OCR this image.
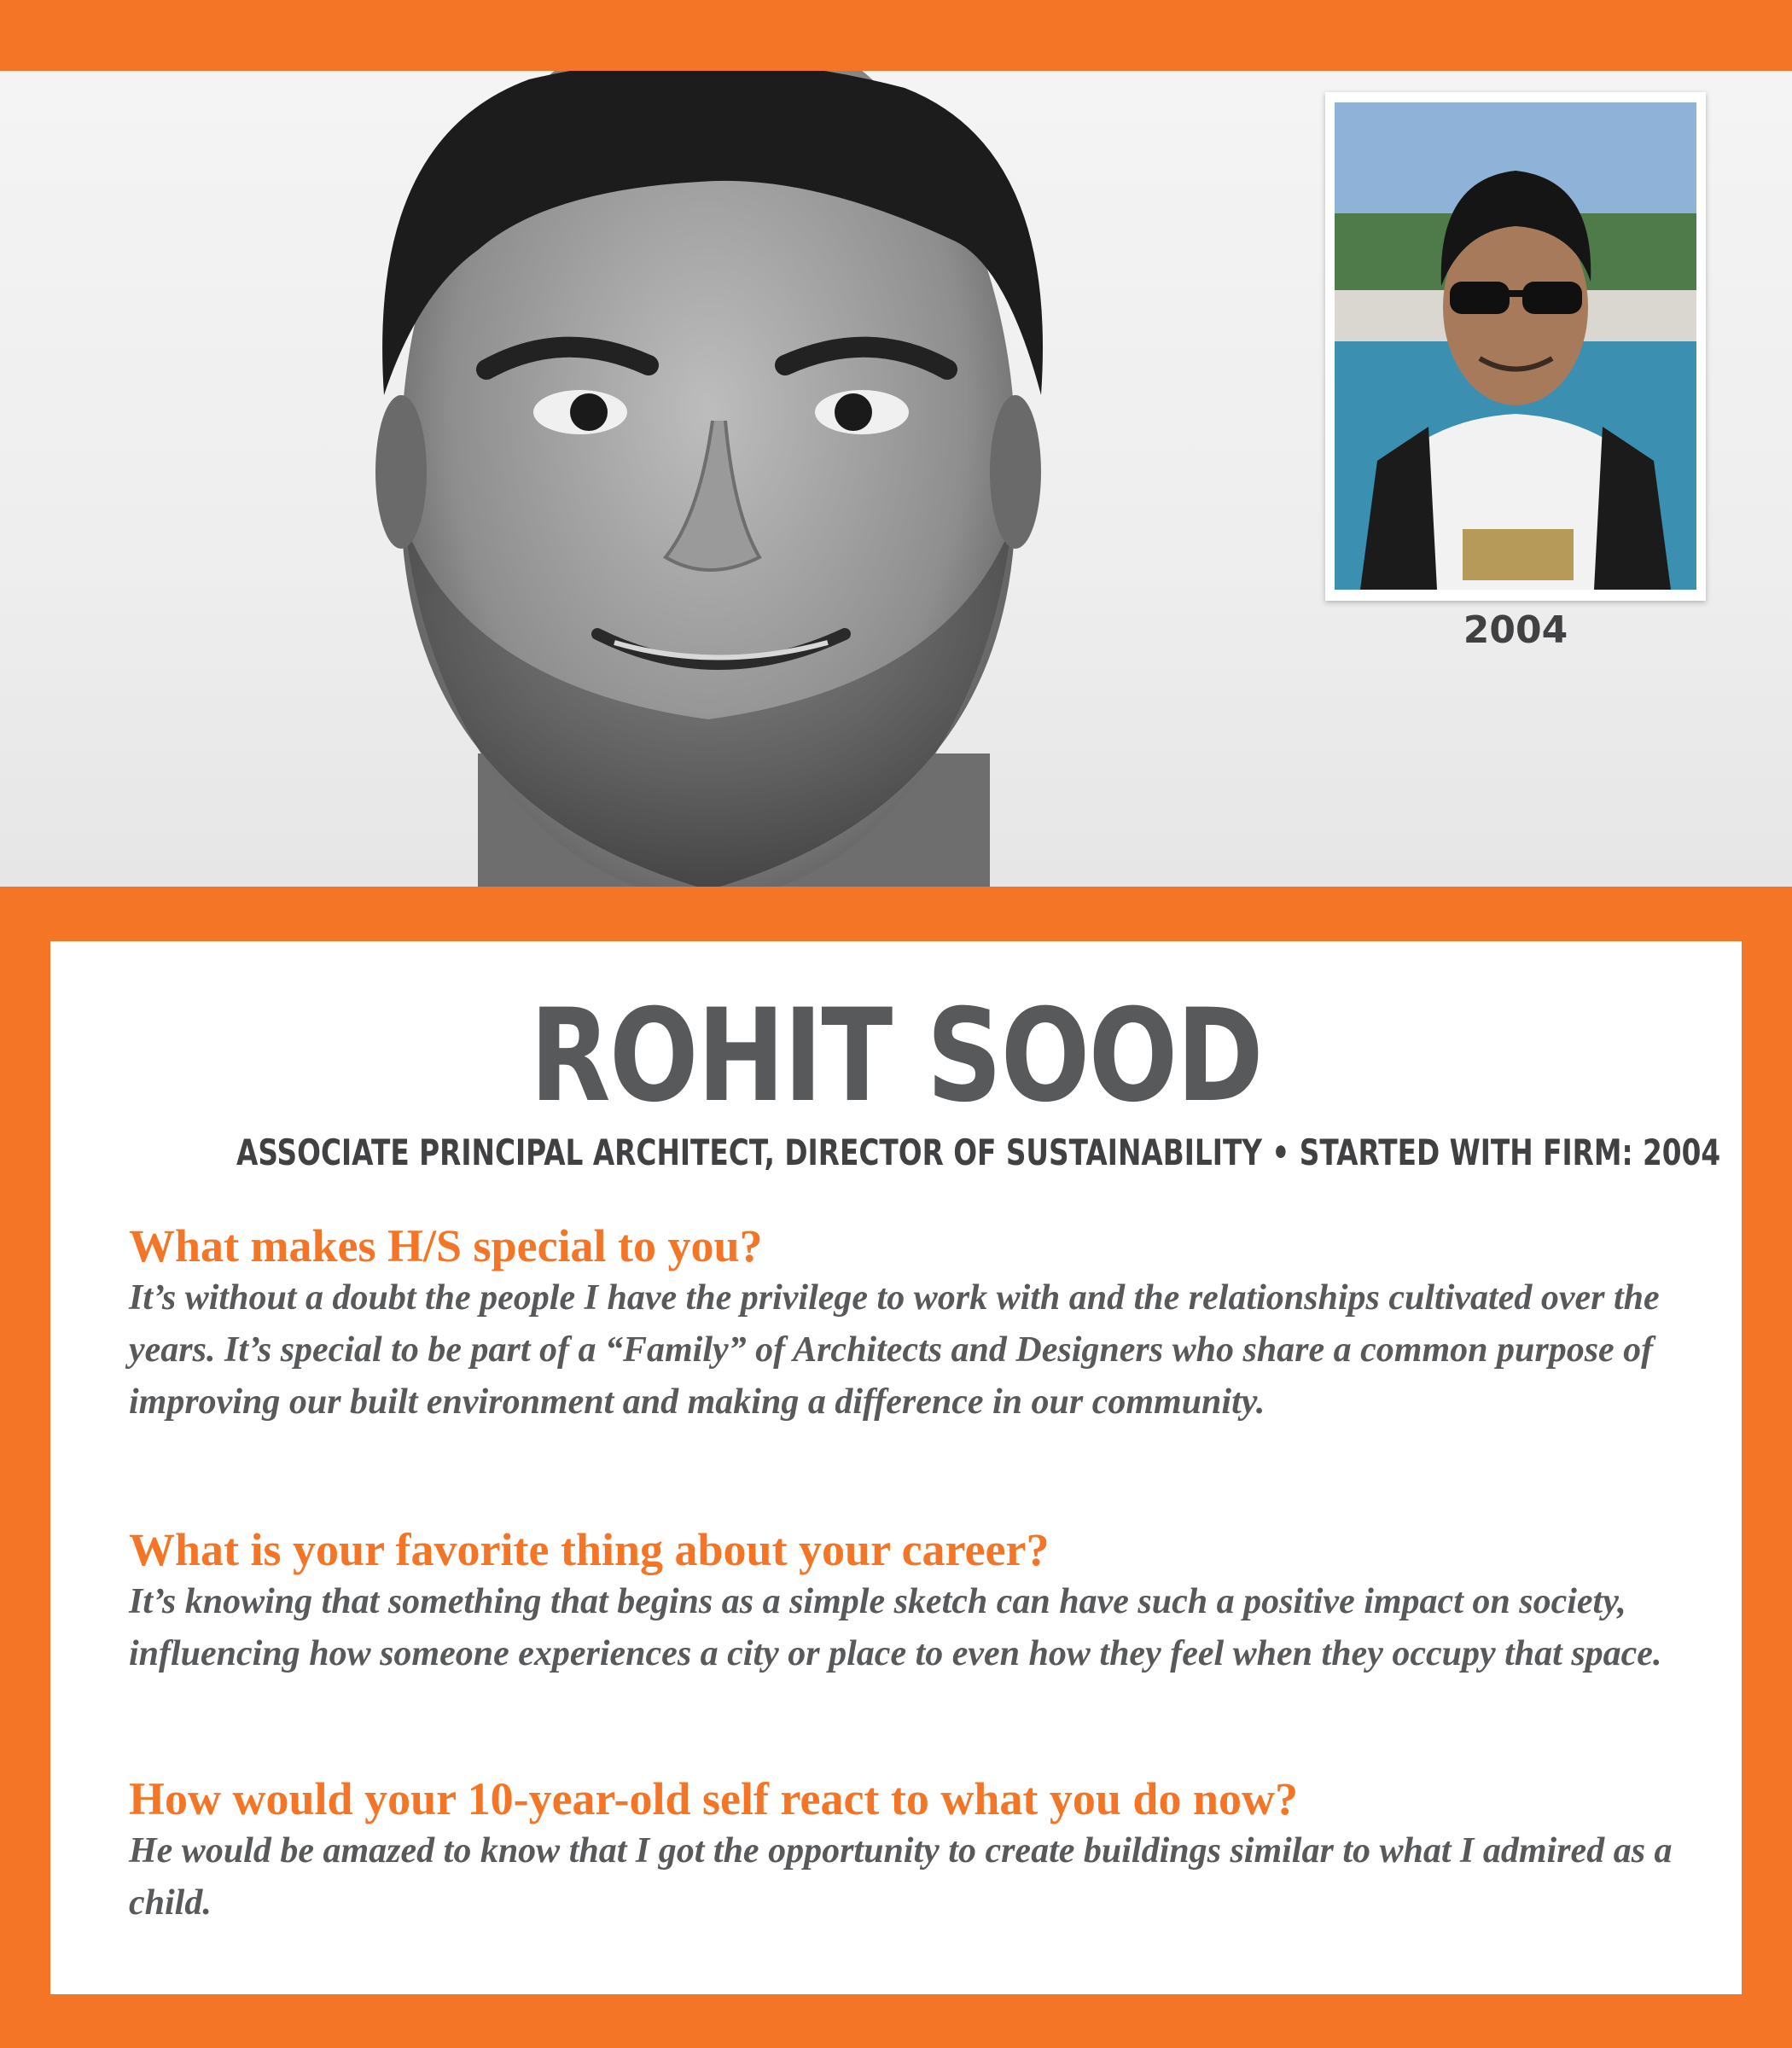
2004
ROHIT SOOD
ASSOCIATE PRINCIPAL ARCHITECT, DIRECTOR OF SUSTAINABILITY • STARTED WITH FIRM: 2004

What makes H/S special to you?

It’s without a doubt the people I have the privilege to work with and the relationships cultivated over the years. It’s special to be part of a “Family” of Architects and Designers who share a common purpose of improving our built environment and making a difference in our community.

What is your favorite thing about your career?

It’s knowing that something that begins as a simple sketch can have such a positive impact on society, influencing how someone experiences a city or place to even how they feel when they occupy that space.

How would your 10-year-old self react to what you do now?

He would be amazed to know that I got the opportunity to create buildings similar to what I admired as a child.
